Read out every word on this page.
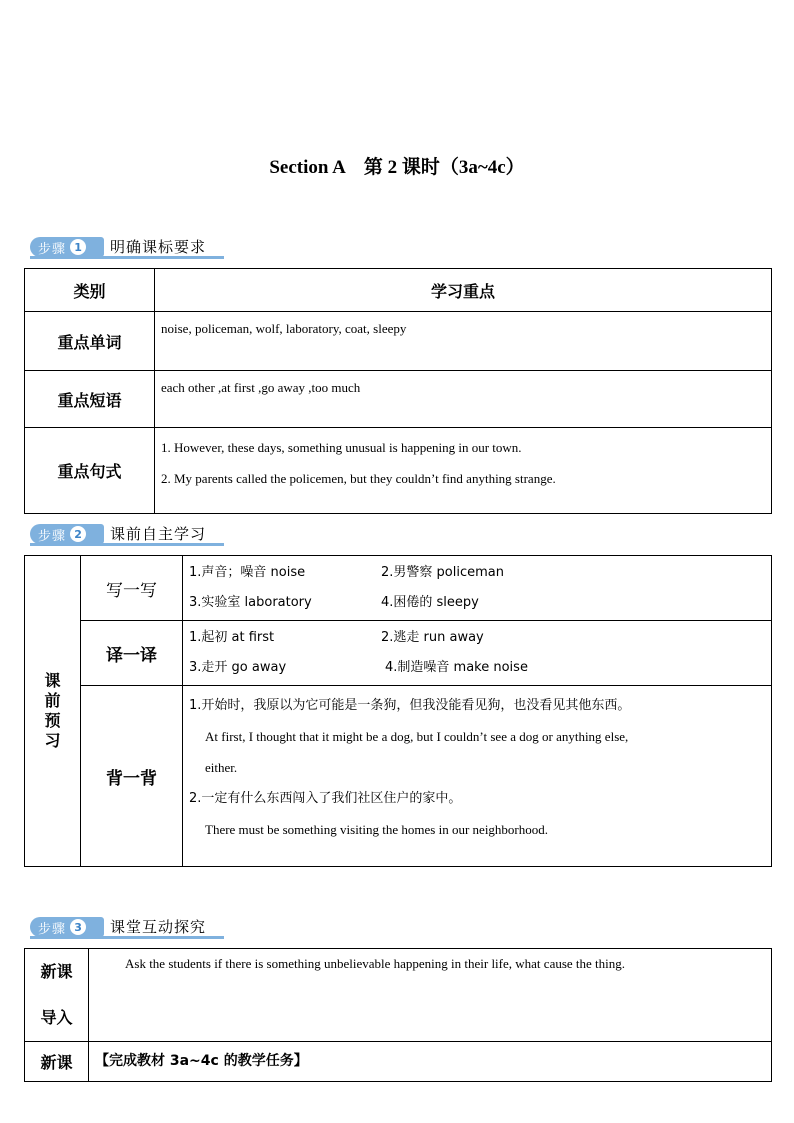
Section A　第 2 课时（3a~4c）
步骤 1	明确课标要求
类别	学习重点
重点单词	noise, policeman, wolf, laboratory, coat, sleepy
重点短语	each other ,at first ,go away ,too much
重点句式	1. However, these days, something unusual is happening in our town.
2. My parents called the policemen, but they couldn’t find anything strange.
步骤 2	课前自主学习
课前预习	写一写	1.声音；噪音 noise 2.男警察 policeman
3.实验室 laboratory 4.困倦的 sleepy

	译一译	1.起初 at first 2.逃走 run away
3.走开 go away 4.制造噪音 make noise

	背一背	1.开始时，我原以为它可能是一条狗，但我没能看见狗，也没看见其他东西。
At first, I thought that it might be a dog, but I couldn’t see a dog or anything else,
either.
2.一定有什么东西闯入了我们社区住户的家中。
There must be something visiting the homes in our neighborhood.
步骤 3	课堂互动探究
新课
导入	Ask the students if there is something unbelievable happening in their life, what cause the thing.
新课	【完成教材 3a~4c 的教学任务】
